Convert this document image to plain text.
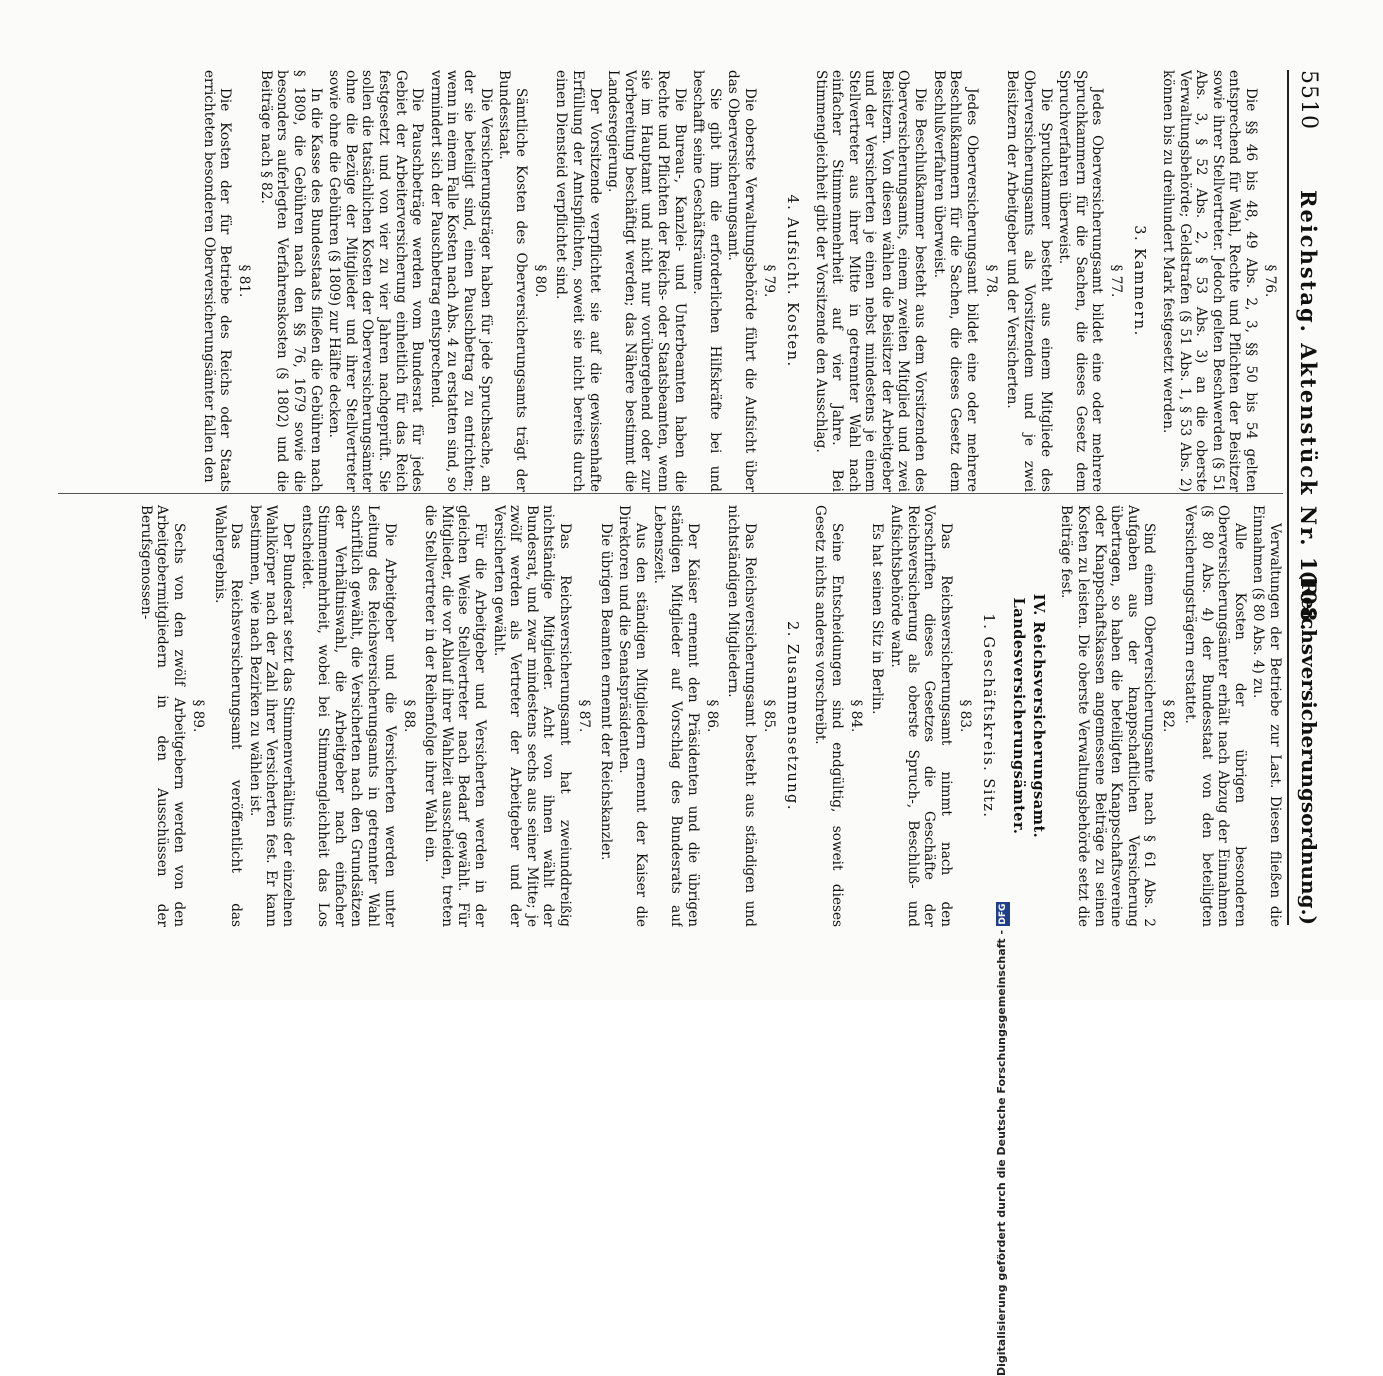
5510
Reichstag. Aktenstück Nr. 1108.
(Reichsversicherungsordnung.)
§ 76.

Die §§ 46 bis 48, 49 Abs. 2, 3, §§ 50 bis 54 gelten entsprechend für Wahl, Rechte und Pflichten der Beisitzer sowie ihrer Stellvertreter. Jedoch gelten Beschwerden (§ 51 Abs. 3, § 52 Abs. 2, § 53 Abs. 3) an die oberste Verwaltungsbehörde; Geldstrafen (§ 51 Abs. 1, § 53 Abs. 2) können bis zu dreihundert Mark festgesetzt werden.

3. Kammern.
§ 77.

Jedes Oberversicherungsamt bildet eine oder mehrere Spruchkammern für die Sachen, die dieses Gesetz dem Spruchverfahren überweist.

Die Spruchkammer besteht aus einem Mitgliede des Oberversicherungsamts als Vorsitzendem und je zwei Beisitzern der Arbeitgeber und der Versicherten.

§ 78.

Jedes Oberversicherungsamt bildet eine oder mehrere Beschlußkammern für die Sachen, die dieses Gesetz dem Beschlußverfahren überweist.

Die Beschlußkammer besteht aus dem Vorsitzenden des Oberversicherungsamts, einem zweiten Mitglied und zwei Beisitzern. Von diesen wählen die Beisitzer der Arbeitgeber und der Versicherten je einen nebst mindestens je einem Stellvertreter aus ihrer Mitte in getrennter Wahl nach einfacher Stimmenmehrheit auf vier Jahre. Bei Stimmengleichheit gibt der Vorsitzende den Ausschlag.

4. Aufsicht. Kosten.
§ 79.

Die oberste Verwaltungsbehörde führt die Aufsicht über das Oberversicherungsamt.

Sie gibt ihm die erforderlichen Hilfskräfte bei und beschafft seine Geschäftsräume.

Die Bureau-, Kanzlei- und Unterbeamten haben die Rechte und Pflichten der Reichs- oder Staatsbeamten, wenn sie im Hauptamt und nicht nur vorübergehend oder zur Vorbereitung beschäftigt werden; das Nähere bestimmt die Landesregierung.

Der Vorsitzende verpflichtet sie auf die gewissenhafte Erfüllung der Amtspflichten, soweit sie nicht bereits durch einen Diensteid verpflichtet sind.

§ 80.

Sämtliche Kosten des Oberversicherungsamts trägt der Bundesstaat.

Die Versicherungsträger haben für jede Spruchsache, an der sie beteiligt sind, einen Pauschbetrag zu entrichten; wenn in einem Falle Kosten nach Abs. 4 zu erstatten sind, so vermindert sich der Pauschbetrag entsprechend.

Die Pauschbeträge werden vom Bundesrat für jedes Gebiet der Arbeiterversicherung einheitlich für das Reich festgesetzt und von vier zu vier Jahren nachgeprüft. Sie sollen die tatsächlichen Kosten der Oberversicherungsämter ohne die Bezüge der Mitglieder und ihrer Stellvertreter sowie ohne die Gebühren (§ 1809) zur Hälfte decken.

In die Kasse des Bundesstaats fließen die Gebühren nach § 1809, die Gebühren nach den §§ 76, 1679 sowie die besonders auferlegten Verfahrenskosten (§ 1802) und die Beiträge nach § 82.

§ 81.

Die Kosten der für Betriebe des Reichs oder Staats errichteten besonderen Oberversicherungsämter fallen den

Verwaltungen der Betriebe zur Last. Diesen fließen die Einnahmen (§ 80 Abs. 4) zu.

Alle Kosten der übrigen besonderen Oberversicherungsämter erhält nach Abzug der Einnahmen (§ 80 Abs. 4) der Bundesstaat von den beteiligten Versicherungsträgern erstattet.

§ 82.

Sind einem Oberversicherungsamte nach § 61 Abs. 2 Aufgaben aus der knappschaftlichen Versicherung übertragen, so haben die beteiligten Knappschaftsvereine oder Knappschaftskassen angemessene Beiträge zu seinen Kosten zu leisten. Die oberste Verwaltungsbehörde setzt die Beiträge fest.

IV. Reichsversicherungsamt. Landesversicherungsämter.
1. Geschäftskreis. Sitz.
§ 83.

Das Reichsversicherungsamt nimmt nach den Vorschriften dieses Gesetzes die Geschäfte der Reichsversicherung als oberste Spruch-, Beschluß- und Aufsichtsbehörde wahr.

Es hat seinen Sitz in Berlin.

§ 84.

Seine Entscheidungen sind endgültig, soweit dieses Gesetz nichts anderes vorschreibt.

2. Zusammensetzung.
§ 85.

Das Reichsversicherungsamt besteht aus ständigen und nichtständigen Mitgliedern.

§ 86.

Der Kaiser ernennt den Präsidenten und die übrigen ständigen Mitglieder auf Vorschlag des Bundesrats auf Lebenszeit.

Aus den ständigen Mitgliedern ernennt der Kaiser die Direktoren und die Senatspräsidenten.

Die übrigen Beamten ernennt der Reichskanzler.

§ 87.

Das Reichsversicherungsamt hat zweiunddreißig nichtständige Mitglieder. Acht von ihnen wählt der Bundesrat, und zwar mindestens sechs aus seiner Mitte; je zwölf werden als Vertreter der Arbeitgeber und der Versicherten gewählt.

Für die Arbeitgeber und Versicherten werden in der gleichen Weise Stellvertreter nach Bedarf gewählt. Für Mitglieder, die vor Ablauf ihrer Wahlzeit ausscheiden, treten die Stellvertreter in der Reihenfolge ihrer Wahl ein.

§ 88.

Die Arbeitgeber und die Versicherten werden unter Leitung des Reichsversicherungsamts in getrennter Wahl schriftlich gewählt, die Versicherten nach den Grundsätzen der Verhältniswahl, die Arbeitgeber nach einfacher Stimmenmehrheit, wobei bei Stimmengleichheit das Los entscheidet.

Der Bundesrat setzt das Stimmenverhältnis der einzelnen Wahlkörper nach der Zahl ihrer Versicherten fest. Er kann bestimmen, wie nach Bezirken zu wählen ist.

Das Reichsversicherungsamt veröffentlicht das Wahlergebnis.

§ 89.

Sechs von den zwölf Arbeitgebern werden von den Arbeitgebermitgliedern in den Ausschüssen der Berufsgenossen-

Digitalisierung gefördert durch die Deutsche Forschungsgemeinschaft - DFG
